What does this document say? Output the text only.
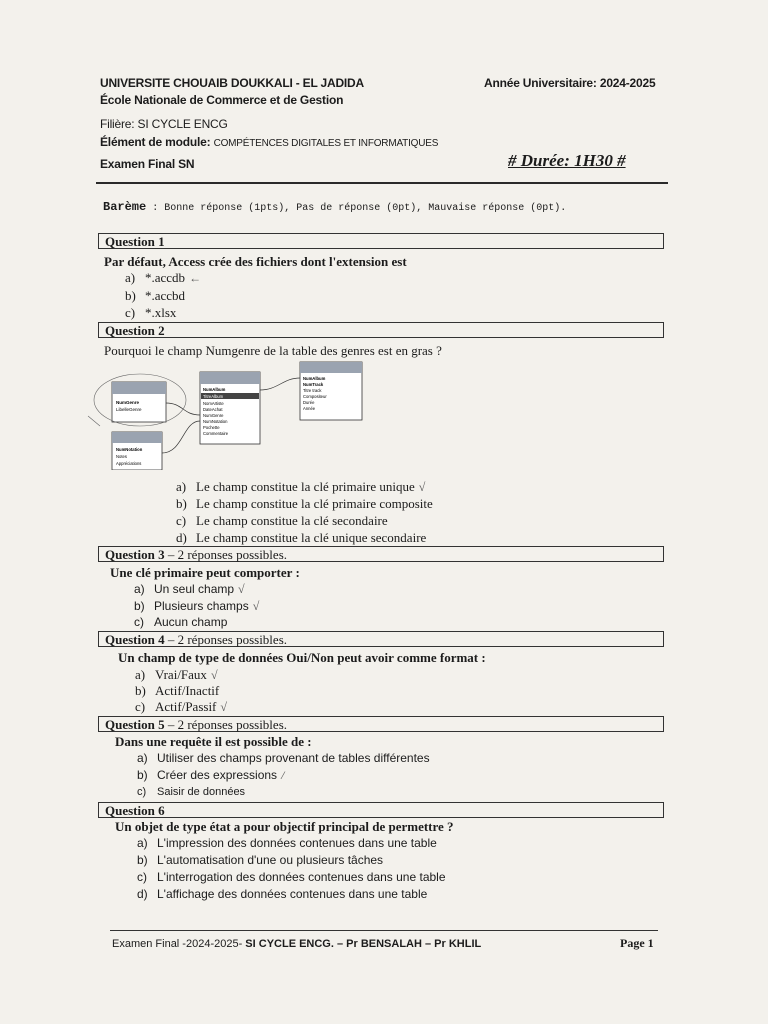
UNIVERSITE CHOUAIB DOUKKALI - EL JADIDA
École Nationale de Commerce et de Gestion
Filière: SI CYCLE ENCG
Élément de module: COMPÉTENCES DIGITALES ET INFORMATIQUES
Examen Final SN
Année Universitaire: 2024-2025
# Durée: 1H30 #
Barème : Bonne réponse (1pts), Pas de réponse (0pt), Mauvaise réponse (0pt).
Question 1
Par défaut, Access crée des fichiers dont l'extension est
a) *.accdb ←
b) *.accbd
c) *.xlsx
Question 2
Pourquoi le champ Numgenre de la table des genres est en gras ?
NumGenre
LibelleGenre
NumAlbum
TitreAlbum
NomArtiste
DateAchat
NumGenre
NumNotation
Pochette
Commentaire
NumAlbum
NumTrack
Titre track
Compositeur
Durée
Année
NumNotation
Notes
Appréciations
a) Le champ constitue la clé primaire unique √
b) Le champ constitue la clé primaire composite
c) Le champ constitue la clé secondaire
d) Le champ constitue la clé unique secondaire
Question 3 – 2 réponses possibles.
Une clé primaire peut comporter :
a) Un seul champ √
b) Plusieurs champs √
c) Aucun champ
Question 4 – 2 réponses possibles.
Un champ de type de données Oui/Non peut avoir comme format :
a) Vrai/Faux √
b) Actif/Inactif
c) Actif/Passif √
Question 5 – 2 réponses possibles.
Dans une requête il est possible de :
a) Utiliser des champs provenant de tables différentes
b) Créer des expressions /
c) Saisir de données
Question 6
Un objet de type état a pour objectif principal de permettre ?
a) L'impression des données contenues dans une table
b) L'automatisation d'une ou plusieurs tâches
c) L'interrogation des données contenues dans une table
d) L'affichage des données contenues dans une table
Examen Final -2024-2025- SI CYCLE ENCG. – Pr BENSALAH – Pr KHLIL	Page 1
